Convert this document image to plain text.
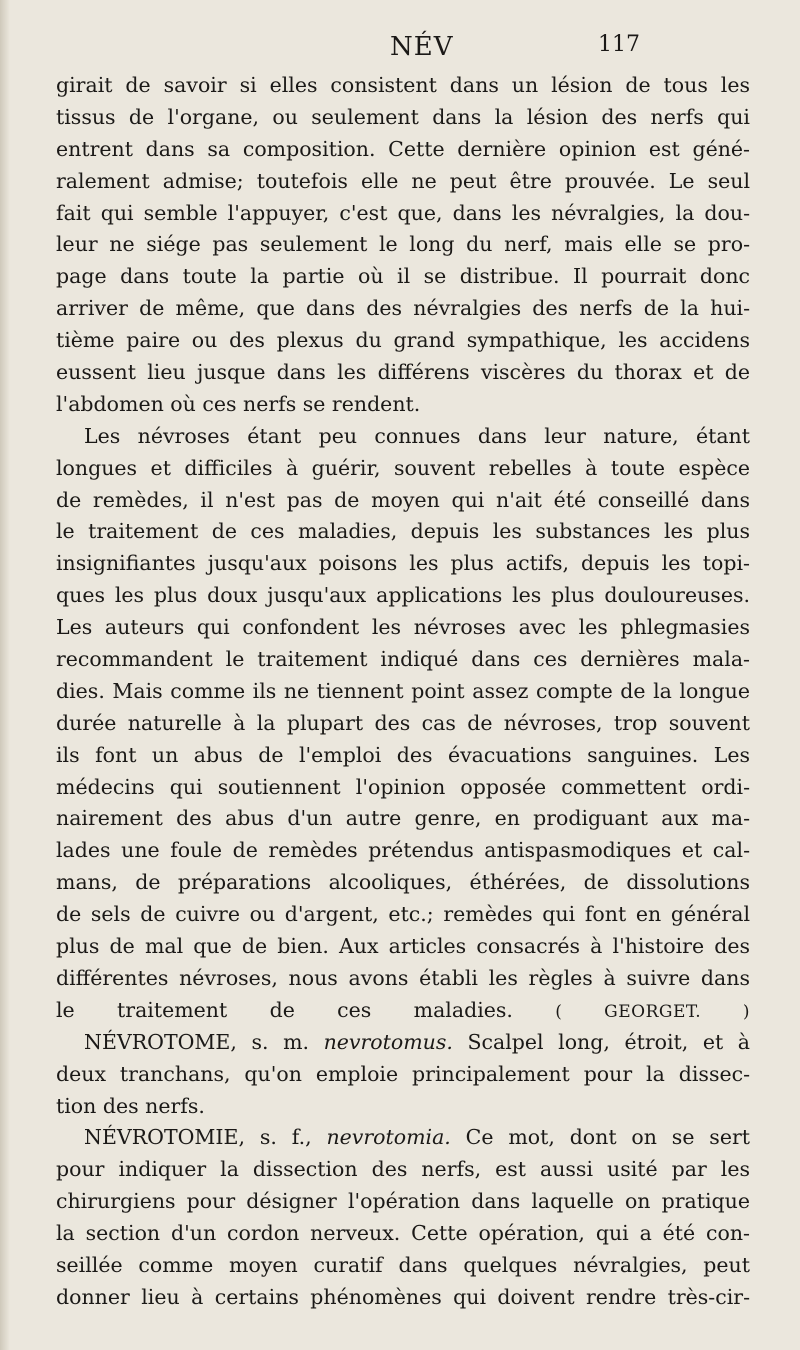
NÉV	117
girait de savoir si elles consistent dans un lésion de tous les
tissus de l'organe, ou seulement dans la lésion des nerfs qui
entrent dans sa composition. Cette dernière opinion est géné-
ralement admise; toutefois elle ne peut être prouvée. Le seul
fait qui semble l'appuyer, c'est que, dans les névralgies, la dou-
leur ne siége pas seulement le long du nerf, mais elle se pro-
page dans toute la partie où il se distribue. Il pourrait donc
arriver de même, que dans des névralgies des nerfs de la hui-
tième paire ou des plexus du grand sympathique, les accidens
eussent lieu jusque dans les différens viscères du thorax et de
l'abdomen où ces nerfs se rendent.
Les névroses étant peu connues dans leur nature, étant
longues et difficiles à guérir, souvent rebelles à toute espèce
de remèdes, il n'est pas de moyen qui n'ait été conseillé dans
le traitement de ces maladies, depuis les substances les plus
insignifiantes jusqu'aux poisons les plus actifs, depuis les topi-
ques les plus doux jusqu'aux applications les plus douloureuses.
Les auteurs qui confondent les névroses avec les phlegmasies
recommandent le traitement indiqué dans ces dernières mala-
dies. Mais comme ils ne tiennent point assez compte de la longue
durée naturelle à la plupart des cas de névroses, trop souvent
ils font un abus de l'emploi des évacuations sanguines. Les
médecins qui soutiennent l'opinion opposée commettent ordi-
nairement des abus d'un autre genre, en prodiguant aux ma-
lades une foule de remèdes prétendus antispasmodiques et cal-
mans, de préparations alcooliques, éthérées, de dissolutions
de sels de cuivre ou d'argent, etc.; remèdes qui font en général
plus de mal que de bien. Aux articles consacrés à l'histoire des
différentes névroses, nous avons établi les règles à suivre dans
le traitement de ces maladies. ( GEORGET. )
NÉVROTOME, s. m. nevrotomus. Scalpel long, étroit, et à
deux tranchans, qu'on emploie principalement pour la dissec-
tion des nerfs.
NÉVROTOMIE, s. f., nevrotomia. Ce mot, dont on se sert
pour indiquer la dissection des nerfs, est aussi usité par les
chirurgiens pour désigner l'opération dans laquelle on pratique
la section d'un cordon nerveux. Cette opération, qui a été con-
seillée comme moyen curatif dans quelques névralgies, peut
donner lieu à certains phénomènes qui doivent rendre très-cir-
